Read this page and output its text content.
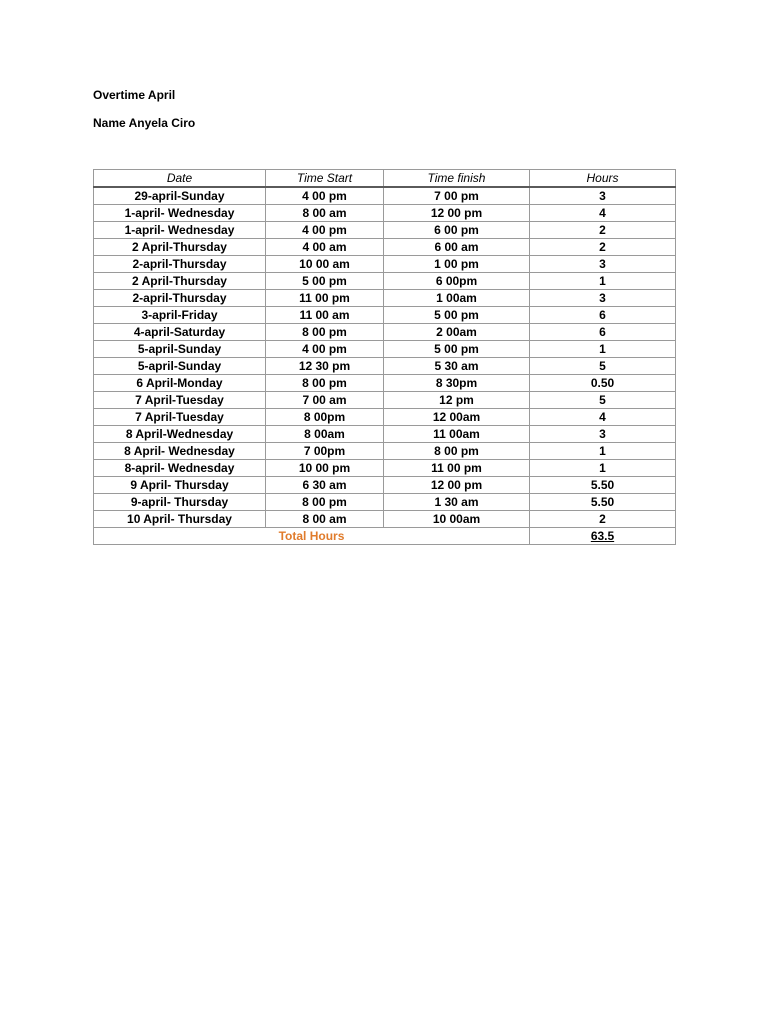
Overtime April
Name Anyela Ciro
Date	Time Start	Time finish	Hours
29-april-Sunday	4 00 pm	7 00 pm	3
1-april- Wednesday	8 00 am	12 00 pm	4
1-april- Wednesday	4 00 pm	6 00 pm	2
2 April-Thursday	4 00 am	6 00 am	2
2-april-Thursday	10 00 am	1 00 pm	3
2 April-Thursday	5 00 pm	6 00pm	1
2-april-Thursday	11 00 pm	1 00am	3
3-april-Friday	11 00 am	5 00 pm	6
4-april-Saturday	8 00 pm	2 00am	6
5-april-Sunday	4 00 pm	5 00 pm	1
5-april-Sunday	12 30 pm	5 30 am	5
6 April-Monday	8 00 pm	8 30pm	0.50
7 April-Tuesday	7 00 am	12 pm	5
7 April-Tuesday	8 00pm	12 00am	4
8 April-Wednesday	8 00am	11 00am	3
8 April- Wednesday	7 00pm	8 00 pm	1
8-april- Wednesday	10 00 pm	11 00 pm	1
9 April- Thursday	6 30 am	12 00 pm	5.50
9-april- Thursday	8 00 pm	1 30 am	5.50
10 April- Thursday	8 00 am	10 00am	2
Total Hours			63.5
